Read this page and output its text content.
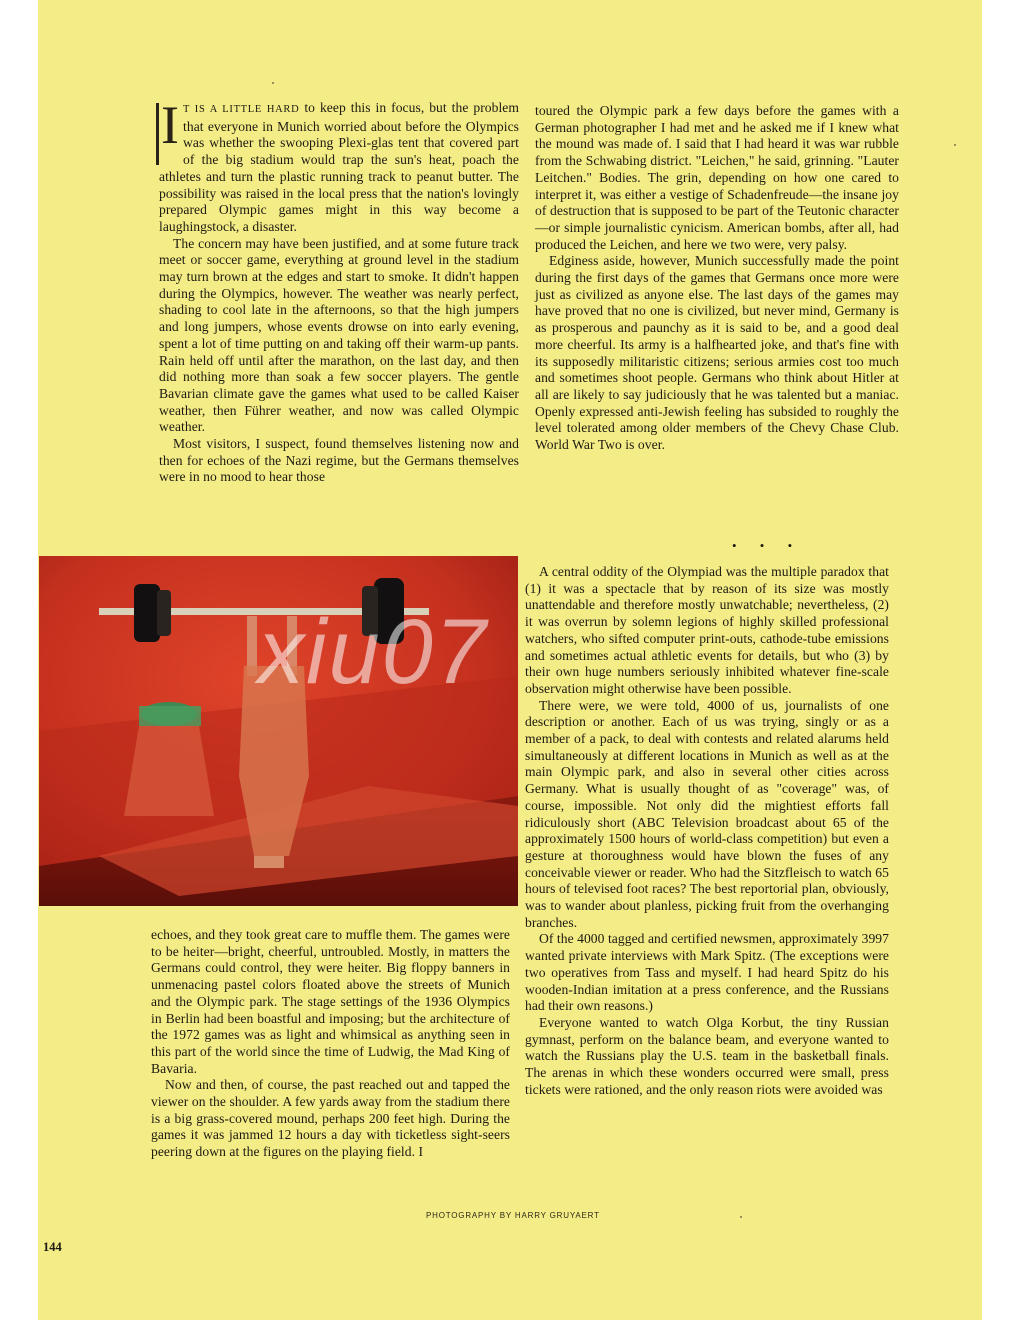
I T IS A LITTLE HARD to keep this in focus, but the problem that everyone in Munich worried about before the Olympics was whether the swooping Plexi-glas tent that covered part of the big stadium would trap the sun's heat, poach the athletes and turn the plastic running track to peanut butter. The possibility was raised in the local press that the nation's lovingly prepared Olympic games might in this way become a laughingstock, a disaster.

The concern may have been justified, and at some future track meet or soccer game, everything at ground level in the stadium may turn brown at the edges and start to smoke. It didn't happen during the Olympics, however. The weather was nearly perfect, shading to cool late in the afternoons, so that the high jumpers and long jumpers, whose events drowse on into early evening, spent a lot of time putting on and taking off their warm-up pants. Rain held off until after the marathon, on the last day, and then did nothing more than soak a few soccer players. The gentle Bavarian climate gave the games what used to be called Kaiser weather, then Führer weather, and now was called Olympic weather.

Most visitors, I suspect, found themselves listening now and then for echoes of the Nazi regime, but the Germans themselves were in no mood to hear those

xiu07

echoes, and they took great care to muffle them. The games were to be heiter—bright, cheerful, untroubled. Mostly, in matters the Germans could control, they were heiter. Big floppy banners in unmenacing pastel colors floated above the streets of Munich and the Olympic park. The stage settings of the 1936 Olympics in Berlin had been boastful and imposing; but the architecture of the 1972 games was as light and whimsical as anything seen in this part of the world since the time of Ludwig, the Mad King of Bavaria.

Now and then, of course, the past reached out and tapped the viewer on the shoulder. A few yards away from the stadium there is a big grass-covered mound, perhaps 200 feet high. During the games it was jammed 12 hours a day with ticketless sight-seers peering down at the figures on the playing field. I

toured the Olympic park a few days before the games with a German photographer I had met and he asked me if I knew what the mound was made of. I said that I had heard it was war rubble from the Schwabing district. "Leichen," he said, grinning. "Lauter Leitchen." Bodies. The grin, depending on how one cared to interpret it, was either a vestige of Schadenfreude—the insane joy of destruction that is supposed to be part of the Teutonic character—or simple journalistic cynicism. American bombs, after all, had produced the Leichen, and here we two were, very palsy.

Edginess aside, however, Munich successfully made the point during the first days of the games that Germans once more were just as civilized as anyone else. The last days of the games may have proved that no one is civilized, but never mind, Germany is as prosperous and paunchy as it is said to be, and a good deal more cheerful. Its army is a halfhearted joke, and that's fine with its supposedly militaristic citizens; serious armies cost too much and sometimes shoot people. Germans who think about Hitler at all are likely to say judiciously that he was talented but a maniac. Openly expressed anti-Jewish feeling has subsided to roughly the level tolerated among older members of the Chevy Chase Club. World War Two is over.

• • •

A central oddity of the Olympiad was the multiple paradox that (1) it was a spectacle that by reason of its size was mostly unattendable and therefore mostly unwatchable; nevertheless, (2) it was overrun by solemn legions of highly skilled professional watchers, who sifted computer print-outs, cathode-tube emissions and sometimes actual athletic events for details, but who (3) by their own huge numbers seriously inhibited whatever fine-scale observation might otherwise have been possible.

There were, we were told, 4000 of us, journalists of one description or another. Each of us was trying, singly or as a member of a pack, to deal with contests and related alarums held simultaneously at different locations in Munich as well as at the main Olympic park, and also in several other cities across Germany. What is usually thought of as "coverage" was, of course, impossible. Not only did the mightiest efforts fall ridiculously short (ABC Television broadcast about 65 of the approximately 1500 hours of world-class competition) but even a gesture at thoroughness would have blown the fuses of any conceivable viewer or reader. Who had the Sitzfleisch to watch 65 hours of televised foot races? The best reportorial plan, obviously, was to wander about planless, picking fruit from the overhanging branches.

Of the 4000 tagged and certified newsmen, approximately 3997 wanted private interviews with Mark Spitz. (The exceptions were two operatives from Tass and myself. I had heard Spitz do his wooden-Indian imitation at a press conference, and the Russians had their own reasons.)

Everyone wanted to watch Olga Korbut, the tiny Russian gymnast, perform on the balance beam, and everyone wanted to watch the Russians play the U.S. team in the basketball finals. The arenas in which these wonders occurred were small, press tickets were rationed, and the only reason riots were avoided was

PHOTOGRAPHY BY HARRY GRUYAERT
144
